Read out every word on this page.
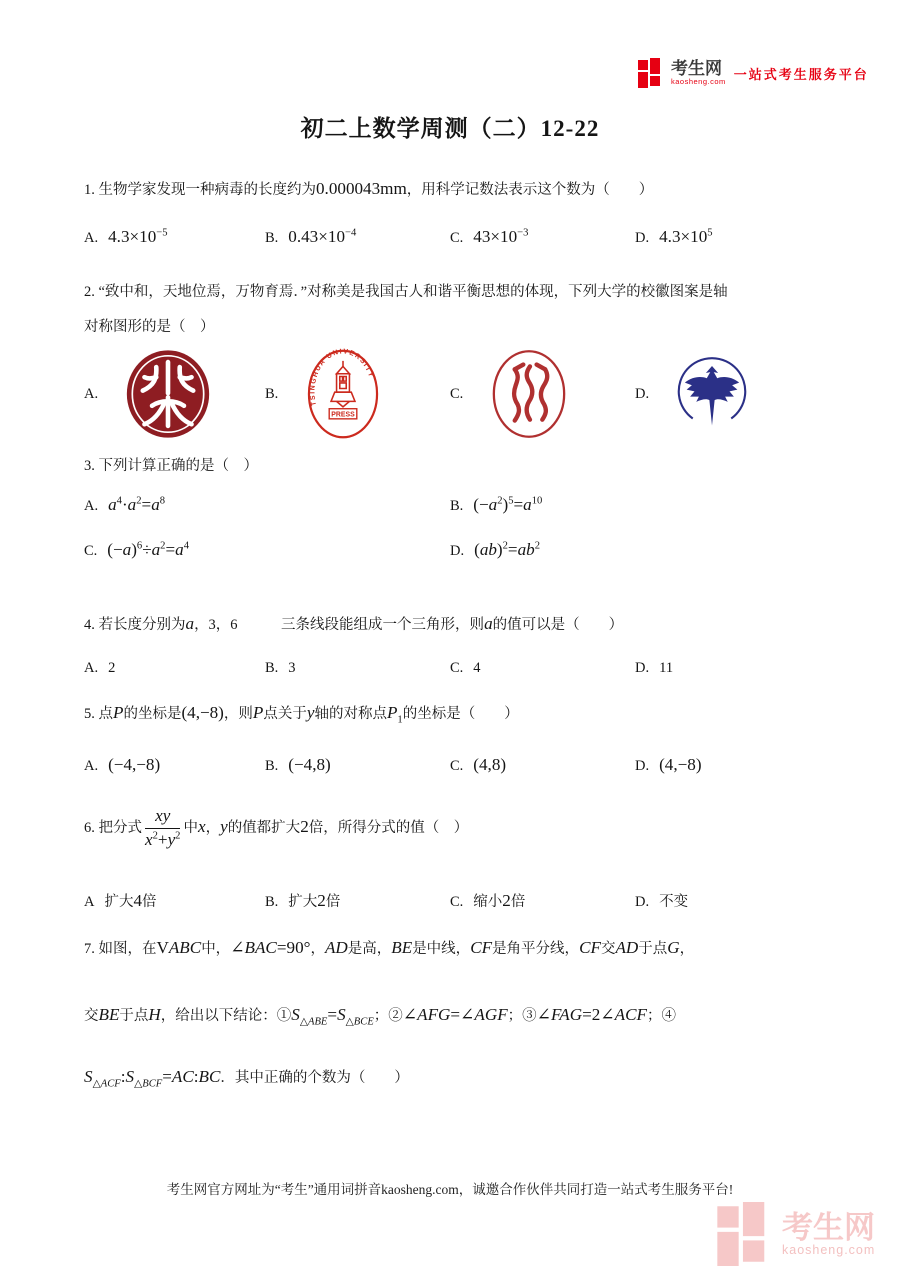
考生网
kaosheng.com 一站式考生服务平台
初二上数学周测（二）12-22
1. 生物学家发现一种病毒的长度约为0.000043mm，用科学记数法表示这个数为（　　）
A. $4.3\times 10^{-5}$	B. $0.43\times 10^{-4}$	C. $43\times 10^{-3}$	D. $4.3\times 10^5$
2. “致中和，天地位焉，万物育焉．”对称美是我国古人和谐平衡思想的体现，下列大学的校徽图案是轴
对称图形的是（　）
A.	B.
TSINGHUA UNIVERSITY
PRESS
C.	D.
3. 下列计算正确的是（　）
A. $a^4\cdot a^2=a^8$	B. $(-a^2)^5=a^{10}$
C. $(-a)^6\div a^2=a^4$	D. $(ab)^2=ab^2$
4. 若长度分别为a，3，6　　　三条线段能组成一个三角形，则a的值可以是（　　）
A. 2	B. 3	C. 4	D. 11
5. 点P的坐标是(4,−8)，则P点关于y轴的对称点$P_1$的坐标是（　　）
A. (−4,−8)	B. (−4,8)	C. (4,8)	D. (4,−8)
6. 把分式 $\frac{xy}{x^2+y^2}$ 中x，y的值都扩大2倍，所得分式的值（　）
A 扩大4倍	B. 扩大2倍	C. 缩小2倍	D. 不变
7. 如图，在VABC中，∠BAC=90°，AD是高，BE是中线，CF是角平分线，CF交AD于点G，
交BE于点H，给出以下结论：$①S_{\triangle ABE}=S_{\triangle BCE}$；②∠AFG=∠AGF；③∠FAG=2∠ACF；④
$S_{\triangle ACF}:S_{\triangle BCF}=AC:BC$．其中正确的个数为（　　）
考生网官方网址为“考生”通用词拼音kaosheng.com，诚邀合作伙伴共同打造一站式考生服务平台!
考生网
kaosheng.com
